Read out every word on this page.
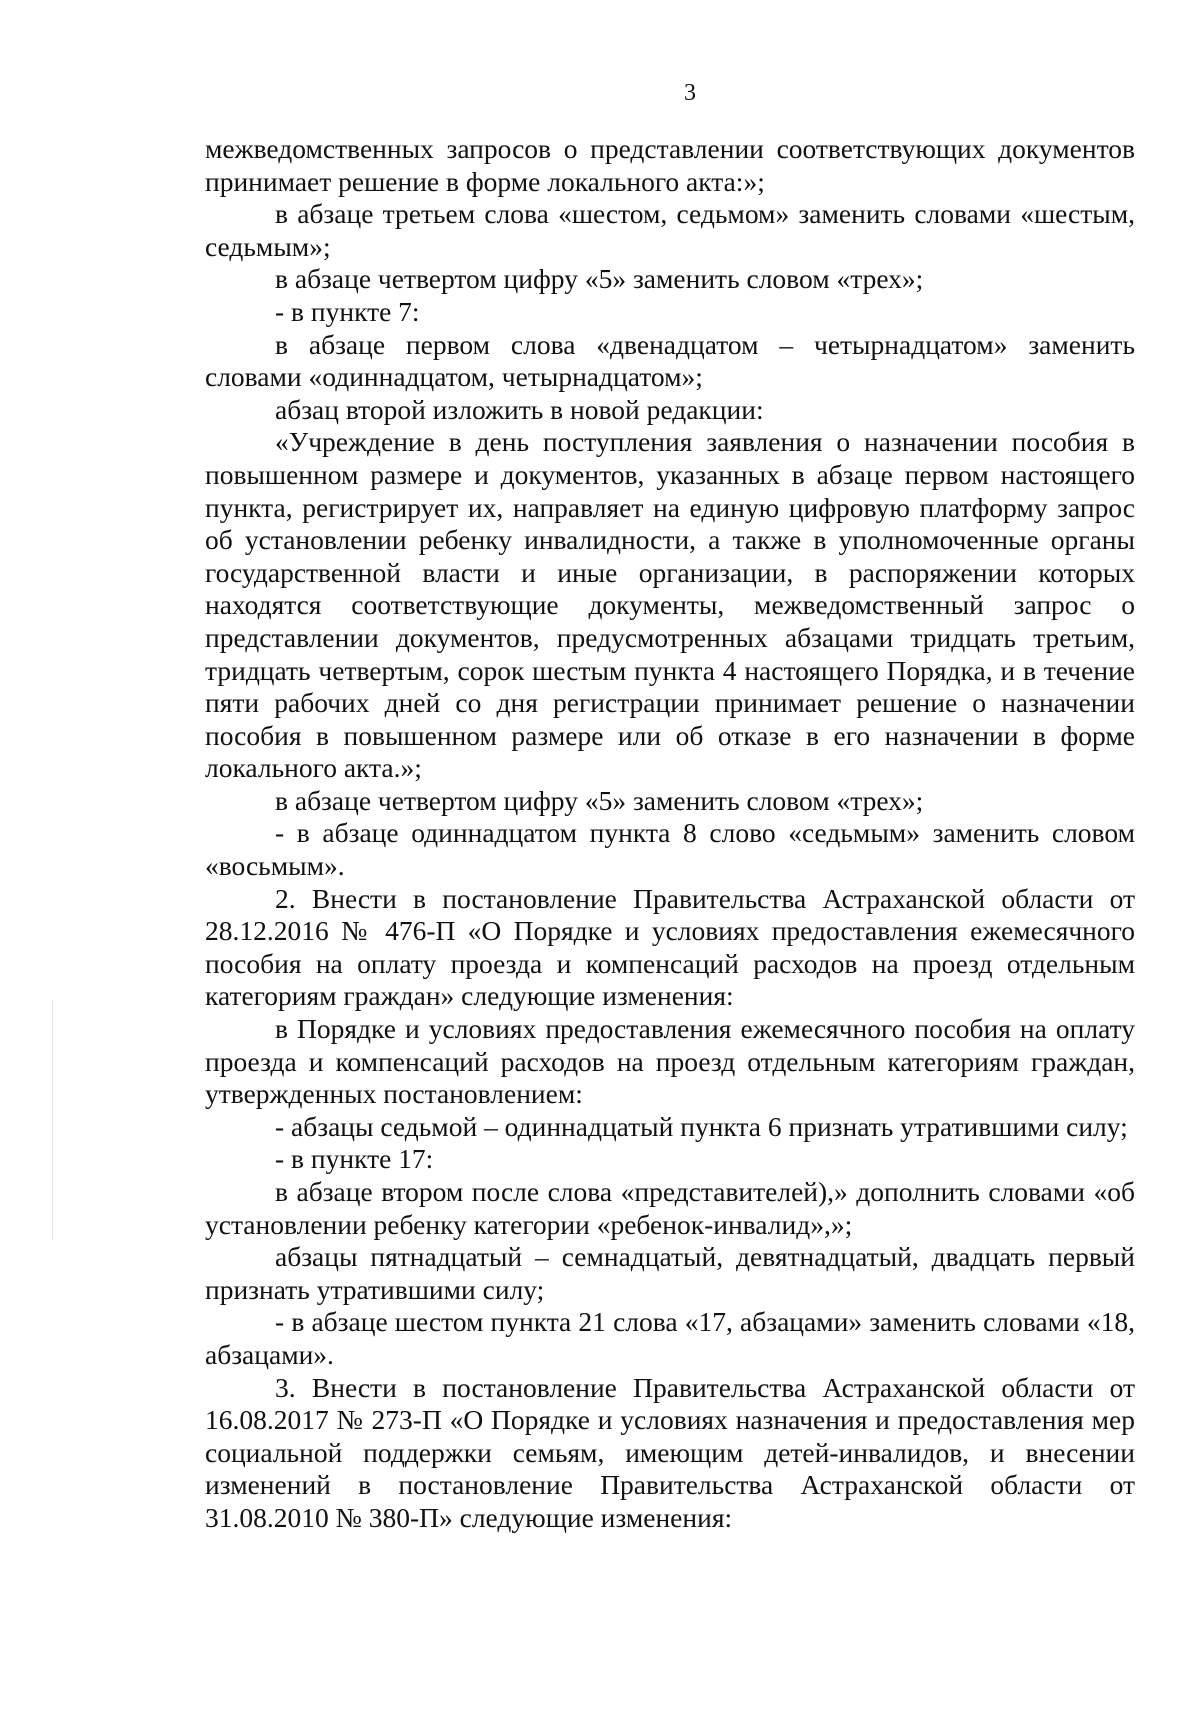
3

межведомственных запросов о представлении соответствующих документов принимает решение в форме локального акта:»;

в абзаце третьем слова «шестом, седьмом» заменить словами «шестым, седьмым»;

в абзаце четвертом цифру «5» заменить словом «трех»;

- в пункте 7:

в абзаце первом слова «двенадцатом – четырнадцатом» заменить словами «одиннадцатом, четырнадцатом»;

абзац второй изложить в новой редакции:

«Учреждение в день поступления заявления о назначении пособия в повышенном размере и документов, указанных в абзаце первом настоящего пункта, регистрирует их, направляет на единую цифровую платформу запрос об установлении ребенку инвалидности, а также в уполномоченные органы государственной власти и иные организации, в распоряжении которых находятся соответствующие документы, межведомственный запрос о представлении документов, предусмотренных абзацами тридцать третьим, тридцать четвертым, сорок шестым пункта 4 настоящего Порядка, и в течение пяти рабочих дней со дня регистрации принимает решение о назначении пособия в повышенном размере или об отказе в его назначении в форме локального акта.»;

в абзаце четвертом цифру «5» заменить словом «трех»;

- в абзаце одиннадцатом пункта 8 слово «седьмым» заменить словом «восьмым».

2. Внести в постановление Правительства Астраханской области от 28.12.2016 № 476-П «О Порядке и условиях предоставления ежемесячного пособия на оплату проезда и компенсаций расходов на проезд отдельным категориям граждан» следующие изменения:

в Порядке и условиях предоставления ежемесячного пособия на оплату проезда и компенсаций расходов на проезд отдельным категориям граждан, утвержденных постановлением:

- абзацы седьмой – одиннадцатый пункта 6 признать утратившими силу;

- в пункте 17:

в абзаце втором после слова «представителей),» дополнить словами «об установлении ребенку категории «ребенок-инвалид»,»;

абзацы пятнадцатый – семнадцатый, девятнадцатый, двадцать первый признать утратившими силу;

- в абзаце шестом пункта 21 слова «17, абзацами» заменить словами «18, абзацами».

3. Внести в постановление Правительства Астраханской области от 16.08.2017 № 273-П «О Порядке и условиях назначения и предоставления мер социальной поддержки семьям, имеющим детей-инвалидов, и внесении изменений в постановление Правительства Астраханской области от 31.08.2010 № 380-П» следующие изменения:
